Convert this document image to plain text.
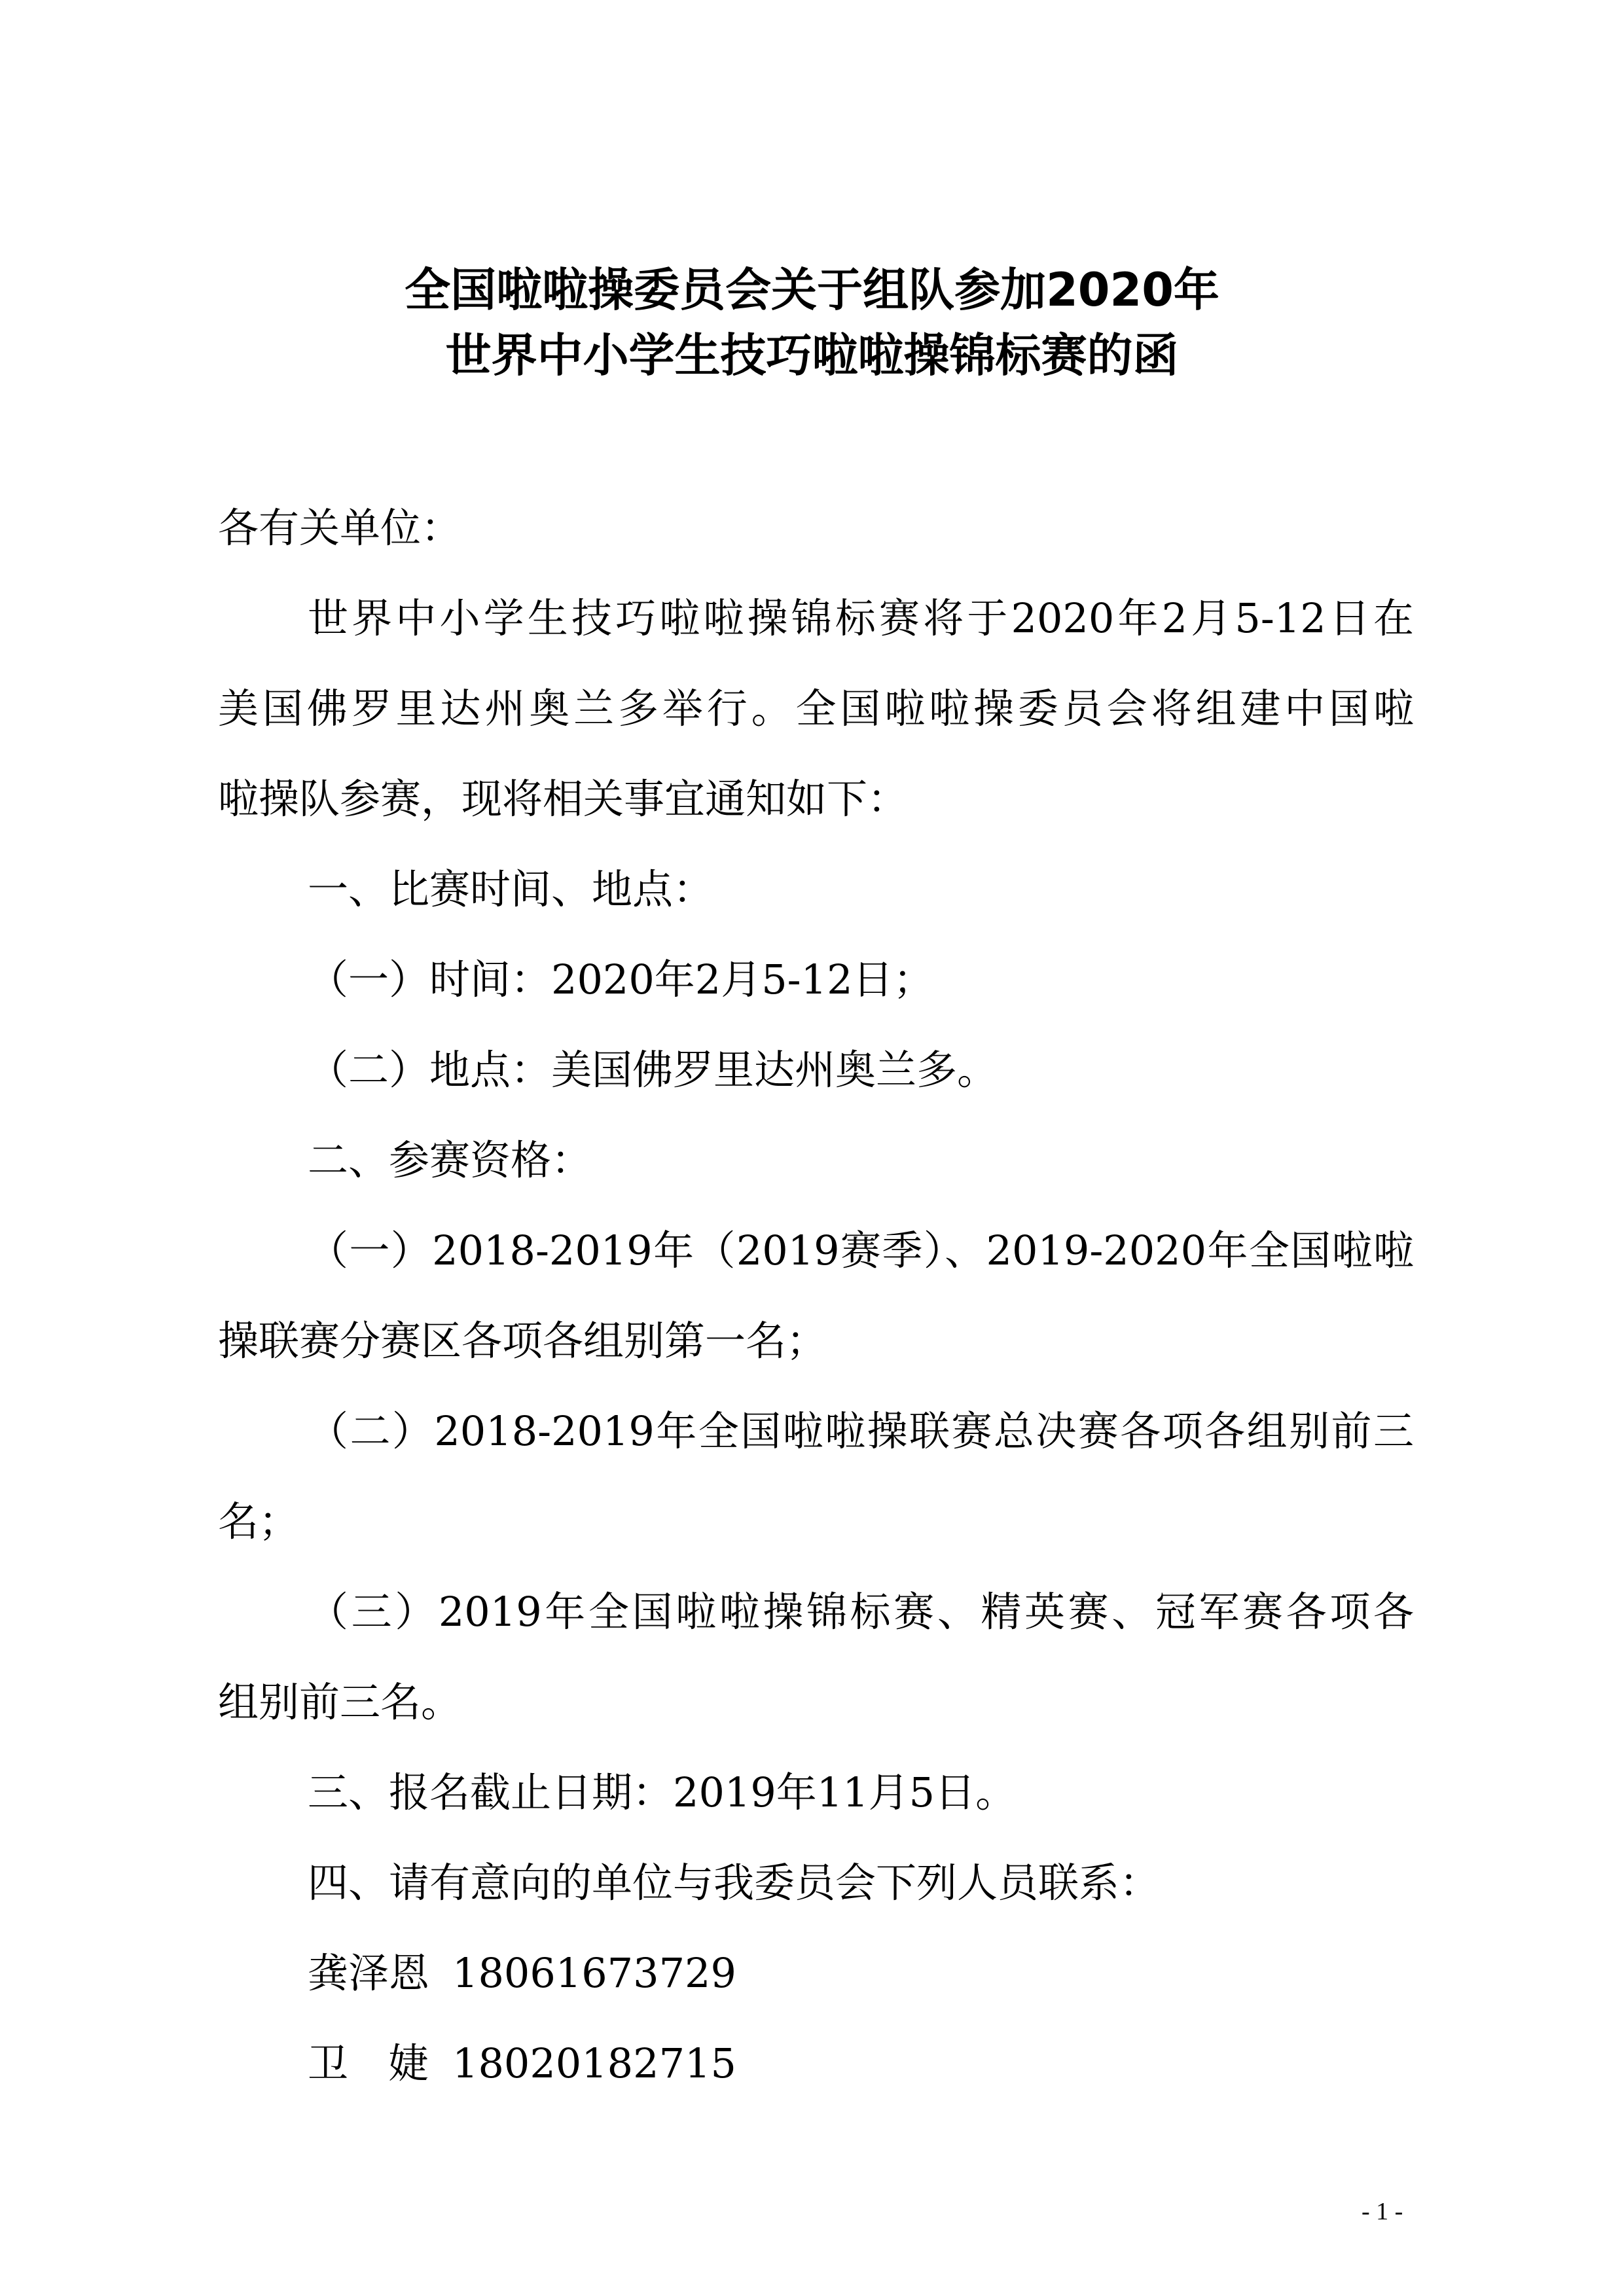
全国啦啦操委员会关于组队参加2020年
世界中小学生技巧啦啦操锦标赛的函
各有关单位：
世界中小学生技巧啦啦操锦标赛将于2020年2月5-12日在
美国佛罗里达州奥兰多举行。全国啦啦操委员会将组建中国啦
啦操队参赛，现将相关事宜通知如下：
一、比赛时间、地点：
（一）时间：2020年2月5-12日；
（二）地点：美国佛罗里达州奥兰多。
二、参赛资格：
（一）2018-2019年（2019赛季）、2019-2020年全国啦啦
操联赛分赛区各项各组别第一名；
（二）2018-2019年全国啦啦操联赛总决赛各项各组别前三
名；
（三）2019年全国啦啦操锦标赛、精英赛、冠军赛各项各
组别前三名。
三、报名截止日期：2019年11月5日。
四、请有意向的单位与我委员会下列人员联系：
龚泽恩 18061673729
卫婕 18020182715
- 1 -
